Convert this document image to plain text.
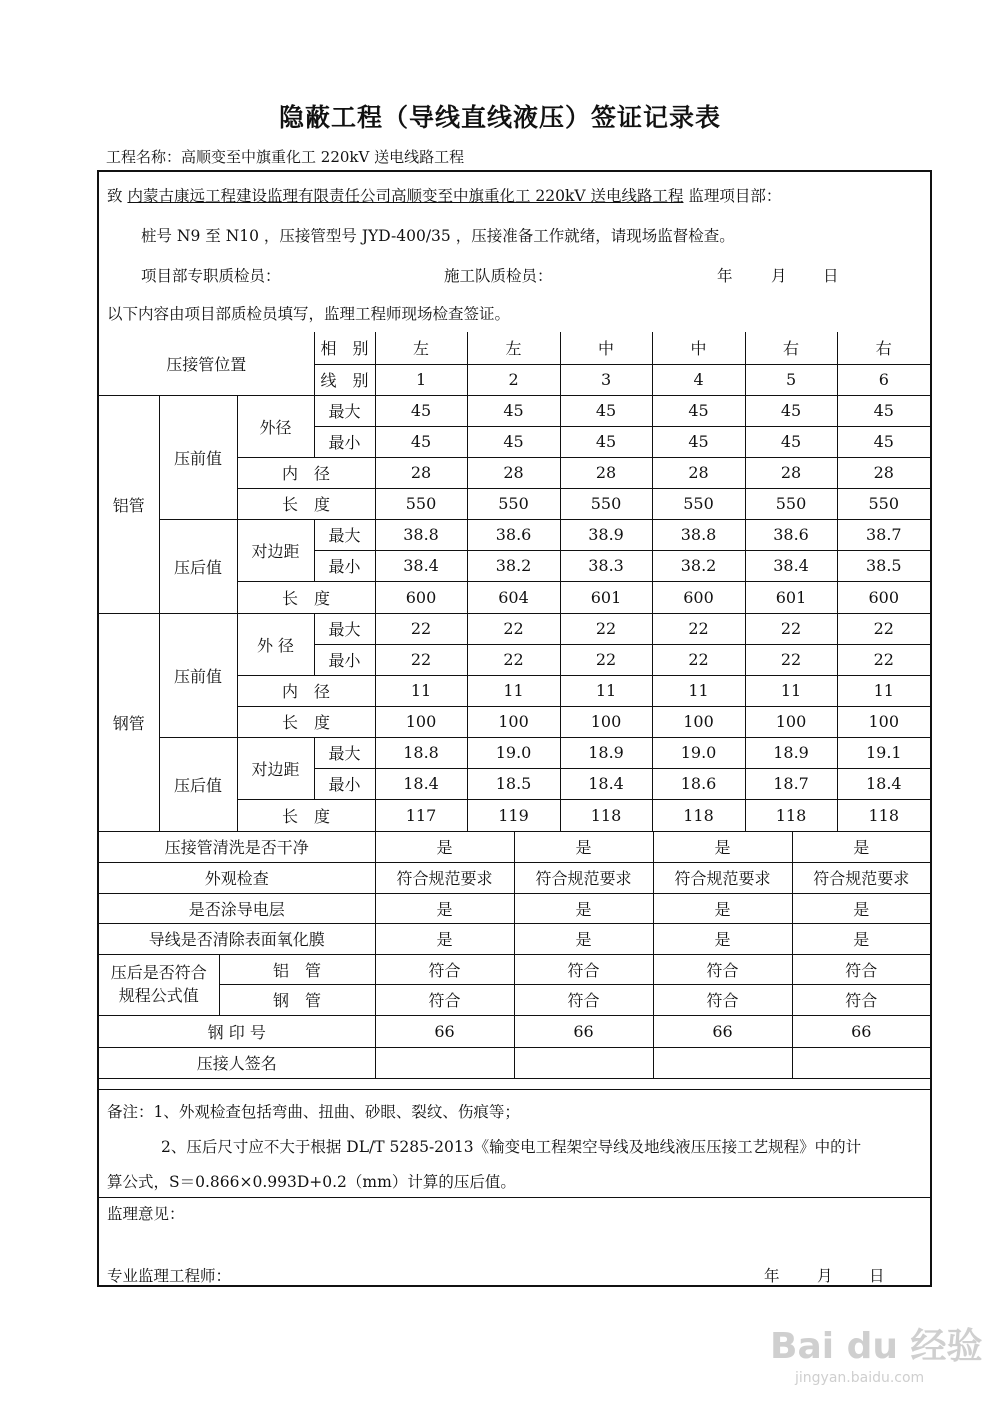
隐蔽工程（导线直线液压）签证记录表
工程名称：高顺变至中旗重化工 220kV 送电线路工程
致 内蒙古康远工程建设监理有限责任公司高顺变至中旗重化工 220kV 送电线路工程 监理项目部：
桩号 N9 至 N10 ，压接管型号 JYD-400/35 ，压接准备工作就绪，请现场监督检查。
项目部专职质检员：	施工队质检员：	年 月 日
以下内容由项目部质检员填写，监理工程师现场检查签证。
压接管位置			相　别	左	左	中	中	右	右
			线　别	1	2	3	4	5	6
铝管	压前值	外径	最大	45	45	45	45	45	45
			最小	45	45	45	45	45	45
		内　径		28	28	28	28	28	28
		长　度		550	550	550	550	550	550
	压后值	对边距	最大	38.8	38.6	38.9	38.8	38.6	38.7
			最小	38.4	38.2	38.3	38.2	38.4	38.5
		长　度		600	604	601	600	601	600
钢管	压前值	外 径	最大	22	22	22	22	22	22
			最小	22	22	22	22	22	22
		内　径		11	11	11	11	11	11
		长　度		100	100	100	100	100	100
	压后值	对边距	最大	18.8	19.0	18.9	19.0	18.9	19.1
			最小	18.4	18.5	18.4	18.6	18.7	18.4
		长　度		117	119	118	118	118	118
压接管清洗是否干净		是	是	是	是
外观检查		符合规范要求	符合规范要求	符合规范要求	符合规范要求
是否涂导电层		是	是	是	是
导线是否清除表面氧化膜		是	是	是	是
压后是否符合规程公式值	铝　管	符合	符合	符合	符合
	钢　管	符合	符合	符合	符合
钢 印 号		66	66	66	66
压接人签名					
备注：1、外观检查包括弯曲、扭曲、砂眼、裂纹、伤痕等；
2、压后尺寸应不大于根据 DL/T 5285-2013《输变电工程架空导线及地线液压压接工艺规程》中的计
算公式，S＝0.866×0.993D+0.2（mm）计算的压后值。
监理意见：
专业监理工程师：	年 月 日
Bai du 经验
jingyan.baidu.com
